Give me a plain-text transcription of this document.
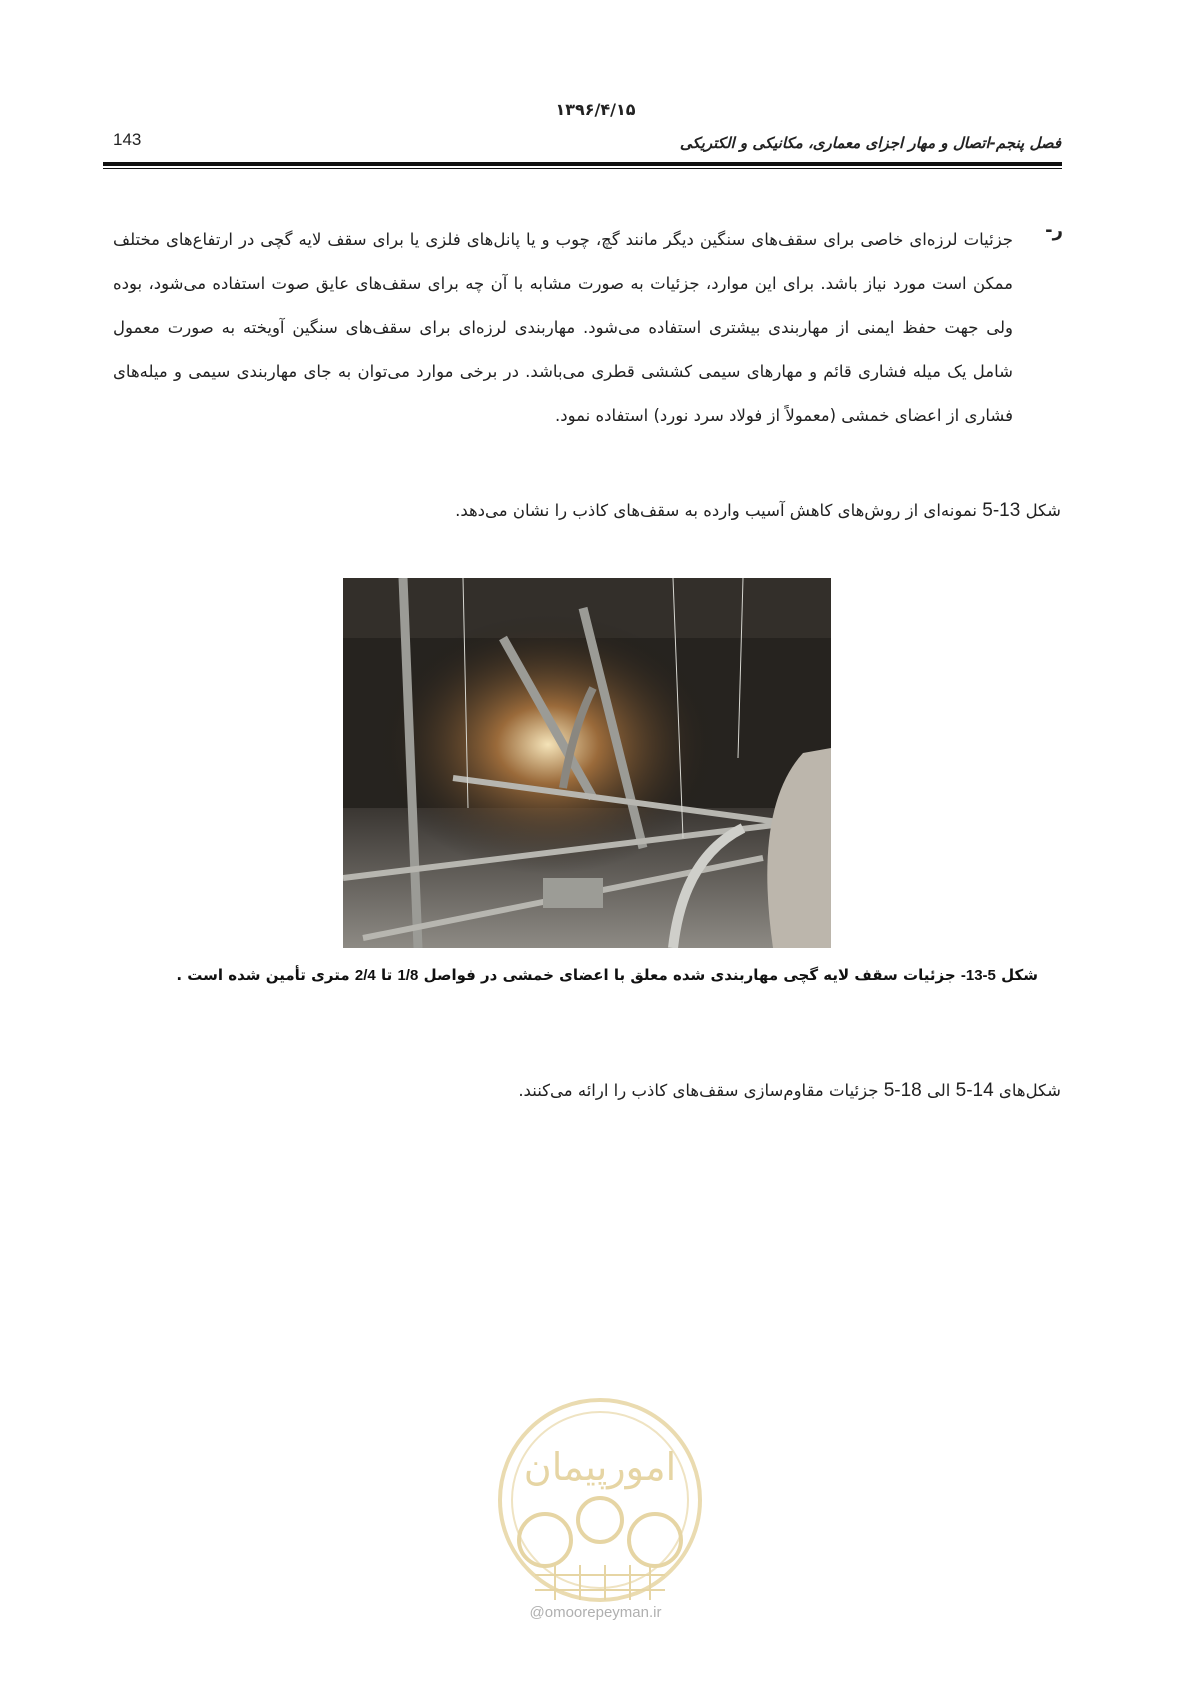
۱۳۹۶/۴/۱۵
143	فصل پنجم-اتصال و مهار اجزای معماری، مکانیکی و الکتریکی
ر-
جزئیات لرزه‌ای خاصی برای سقف‌های سنگین دیگر مانند گچ، چوب و یا پانل‌های فلزی یا برای سقف لایه گچی در ارتفاع‌های مختلف ممکن است مورد نیاز باشد. برای این موارد، جزئیات به صورت مشابه با آن چه برای سقف‌های عایق صوت استفاده می‌شود، بوده ولی جهت حفظ ایمنی از مهاربندی بیشتری استفاده می‌شود. مهاربندی لرزه‌ای برای سقف‌های سنگین آویخته به صورت معمول شامل یک میله فشاری قائم و مهارهای سیمی کششی قطری می‌باشد. در برخی موارد می‌توان به جای مهاربندی سیمی و میله‌های فشاری از اعضای خمشی (معمولاً از فولاد سرد نورد) استفاده نمود.
شکل 13-5 نمونه‌ای از روش‌های کاهش آسیب وارده به سقف‌های کاذب را نشان می‌دهد.
شکل 5-13- جزئیات سقف لایه گچی مهاربندی شده معلق با اعضای خمشی در فواصل 1/8 تا 2/4 متری تأمین شده است .
شکل‌های 14-5 الی 18-5 جزئیات مقاوم‌سازی سقف‌های کاذب را ارائه می‌کنند.
امورپیمان
@omoorepeyman.ir
